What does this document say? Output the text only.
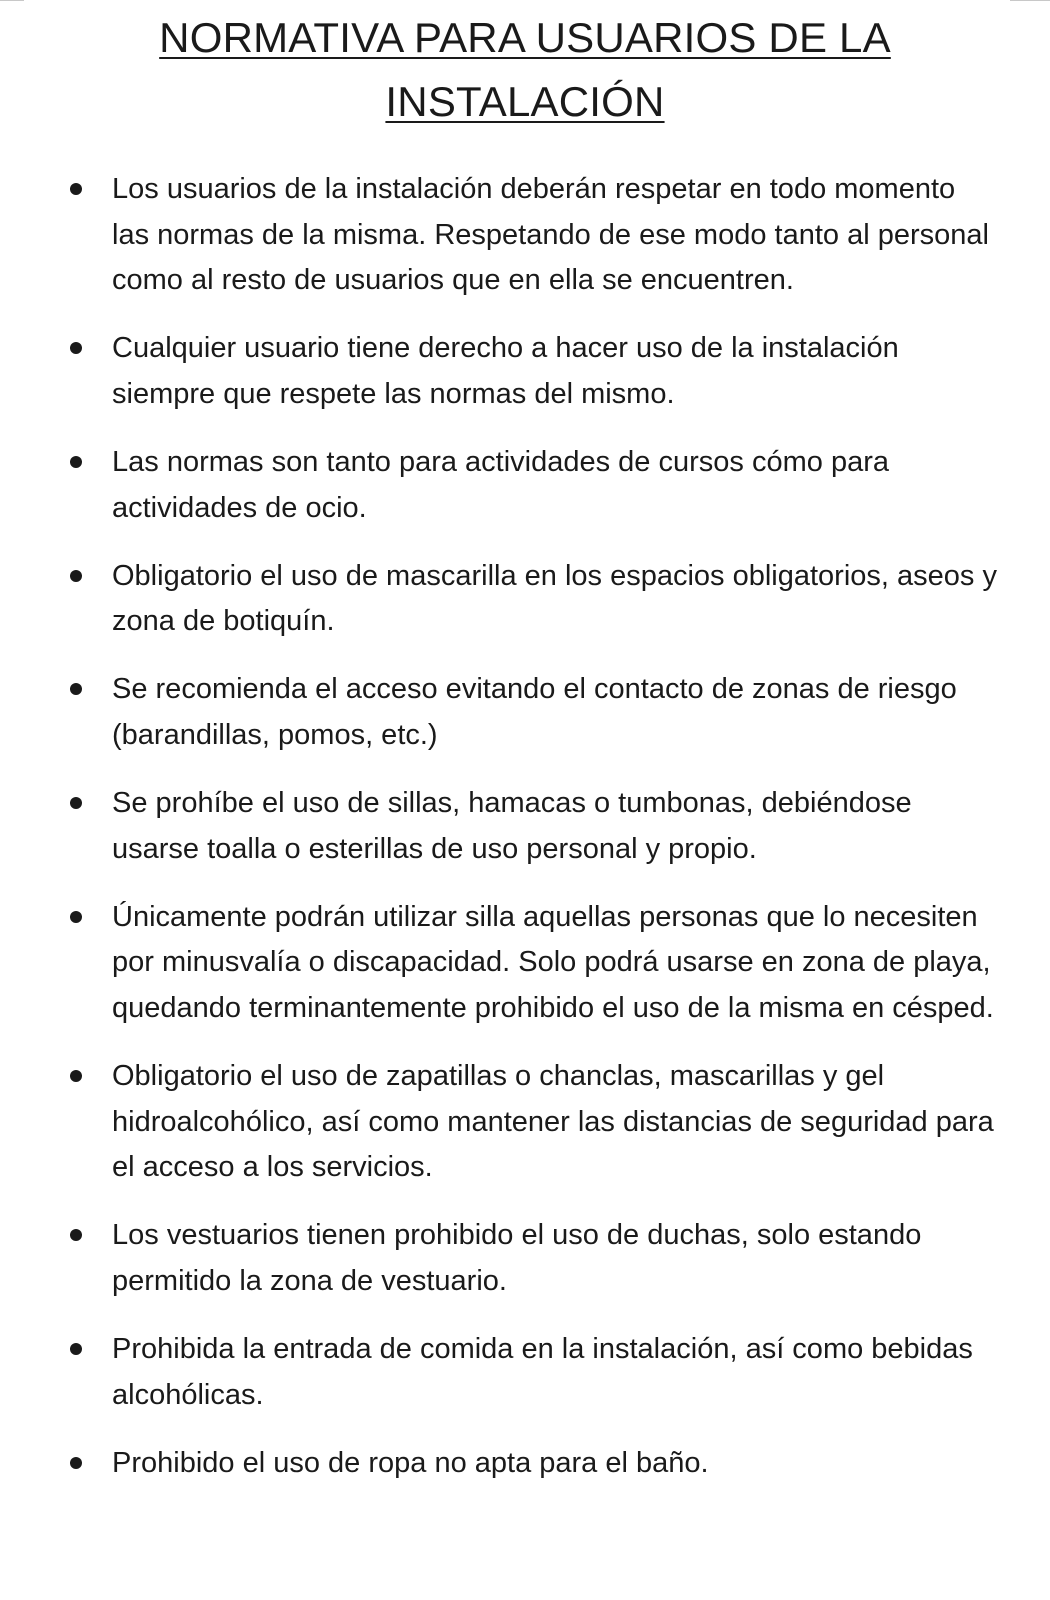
NORMATIVA PARA USUARIOS DE LA
INSTALACIÓN
Los usuarios de la instalación deberán respetar en todo momento las normas de la misma. Respetando de ese modo tanto al personal como al resto de usuarios que en ella se encuentren.
Cualquier usuario tiene derecho a hacer uso de la instalación siempre que respete las normas del mismo.
Las normas son tanto para actividades de cursos cómo para actividades de ocio.
Obligatorio el uso de mascarilla en los espacios obligatorios, aseos y zona de botiquín.
Se recomienda el acceso evitando el contacto de zonas de riesgo (barandillas, pomos, etc.)
Se prohíbe el uso de sillas, hamacas o tumbonas, debiéndose usarse toalla o esterillas de uso personal y propio.
Únicamente podrán utilizar silla aquellas personas que lo necesiten por minusvalía o discapacidad. Solo podrá usarse en zona de playa, quedando terminantemente prohibido el uso de la misma en césped.
Obligatorio el uso de zapatillas o chanclas, mascarillas y gel hidroalcohólico, así como mantener las distancias de seguridad para el acceso a los servicios.
Los vestuarios tienen prohibido el uso de duchas, solo estando permitido la zona de vestuario.
Prohibida la entrada de comida en la instalación, así como bebidas alcohólicas.
Prohibido el uso de ropa no apta para el baño.
